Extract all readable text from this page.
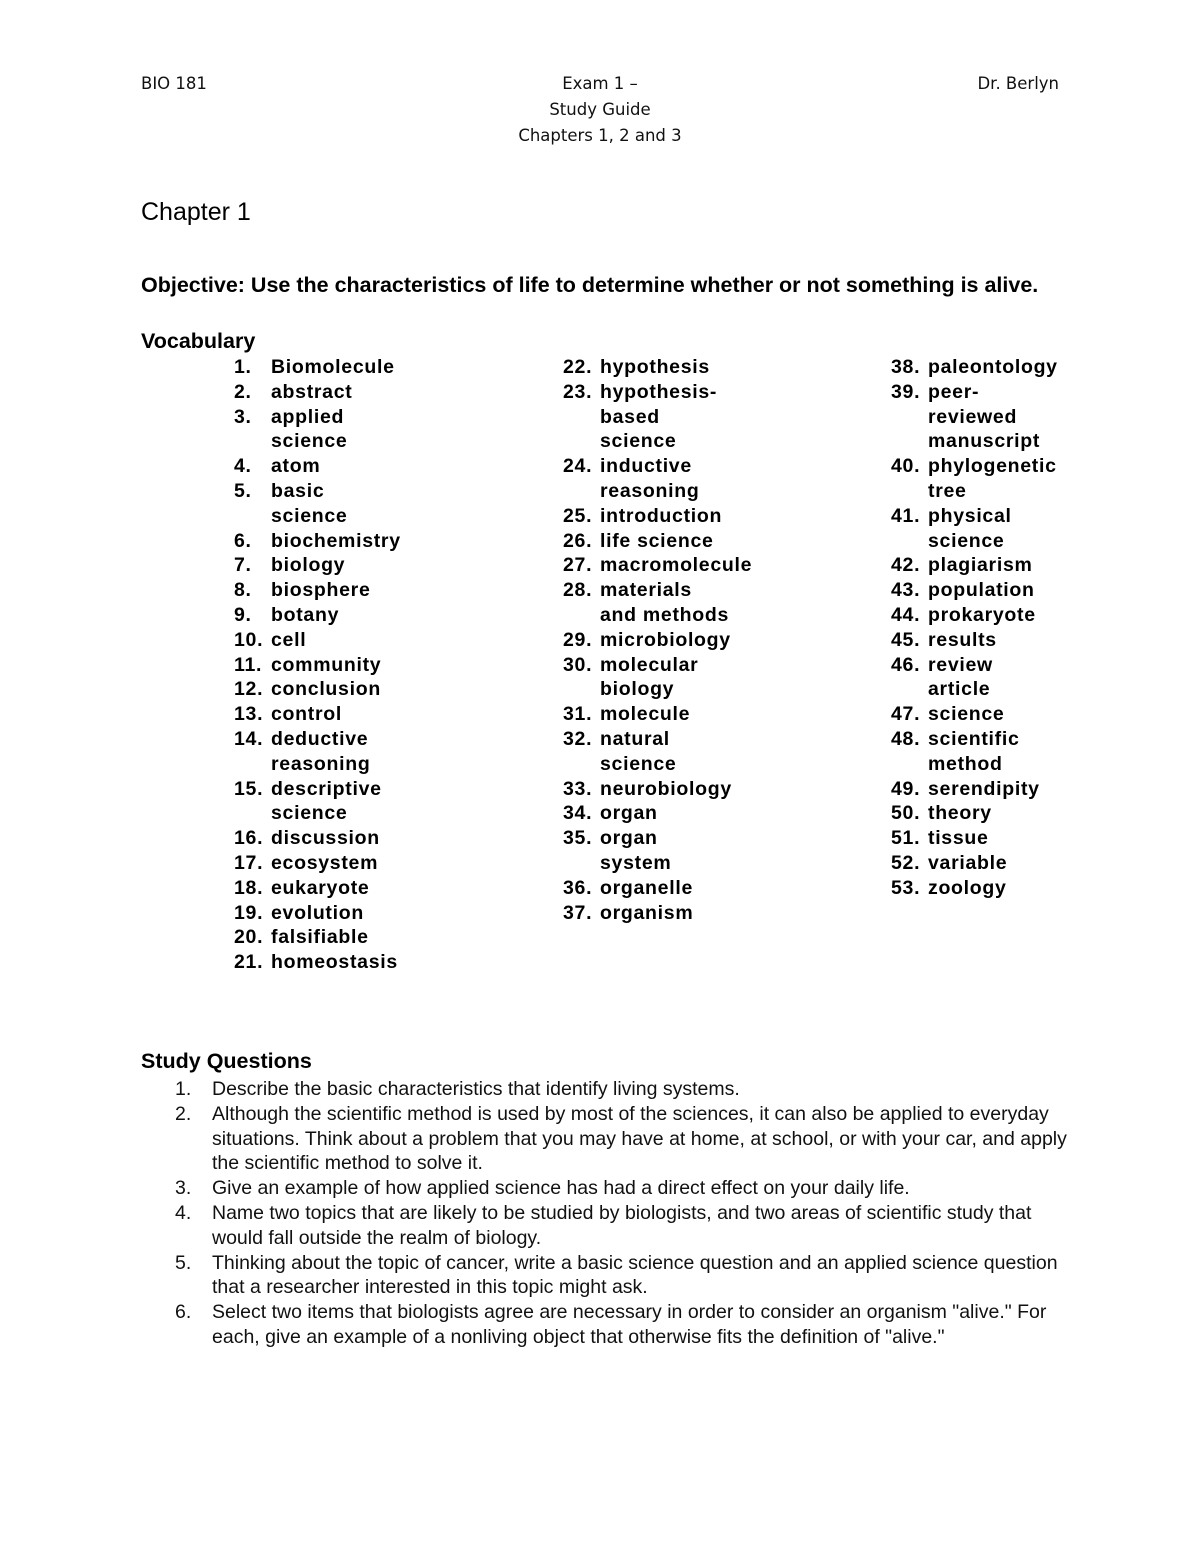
BIO 181	Exam 1 –
Study Guide
Chapters 1, 2 and 3
Dr. Berlyn
Chapter 1
Objective: Use the characteristics of life to determine whether or not something is alive.
Vocabulary
1. Biomolecule
2. abstract
3. applied science
4. atom
5. basic science
6. biochemistry
7. biology
8. biosphere
9. botany
10. cell
11. community
12. conclusion
13. control
14. deductive reasoning
15. descriptive science
16. discussion
17. ecosystem
18. eukaryote
19. evolution
20. falsifiable
21. homeostasis
22. hypothesis
23. hypothesis-based science
24. inductive reasoning
25. introduction
26. life science
27. macromolecule
28. materials and methods
29. microbiology
30. molecular biology
31. molecule
32. natural science
33. neurobiology
34. organ
35. organ system
36. organelle
37. organism
38. paleontology
39. peer-reviewed manuscript
40. phylogenetic tree
41. physical science
42. plagiarism
43. population
44. prokaryote
45. results
46. review article
47. science
48. scientific method
49. serendipity
50. theory
51. tissue
52. variable
53. zoology
Study Questions
1. Describe the basic characteristics that identify living systems.
2. Although the scientific method is used by most of the sciences, it can also be applied to everyday situations. Think about a problem that you may have at home, at school, or with your car, and apply the scientific method to solve it.
3. Give an example of how applied science has had a direct effect on your daily life.
4. Name two topics that are likely to be studied by biologists, and two areas of scientific study that would fall outside the realm of biology.
5. Thinking about the topic of cancer, write a basic science question and an applied science question that a researcher interested in this topic might ask.
6. Select two items that biologists agree are necessary in order to consider an organism "alive." For each, give an example of a nonliving object that otherwise fits the definition of "alive."
